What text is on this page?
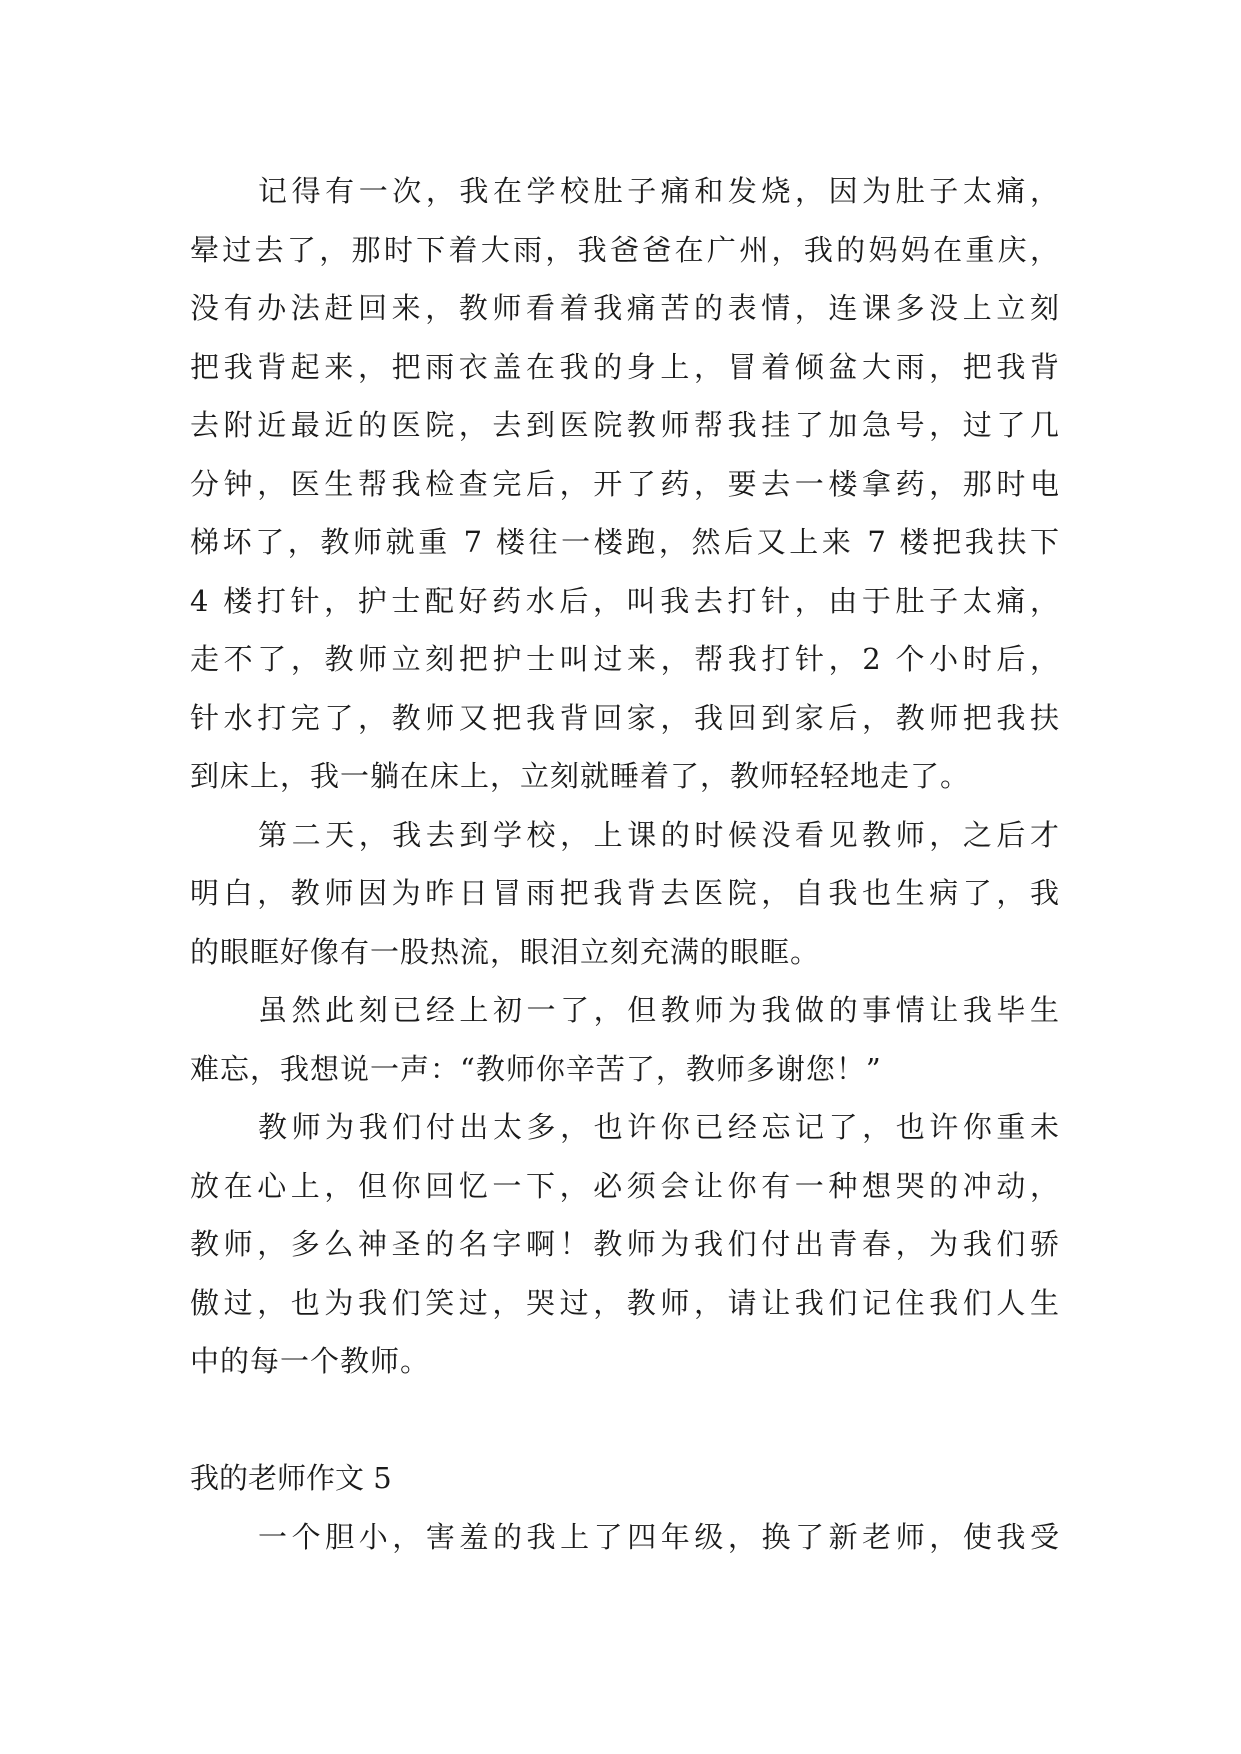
记得有一次，我在学校肚子痛和发烧，因为肚子太痛，
晕过去了，那时下着大雨，我爸爸在广州，我的妈妈在重庆，
没有办法赶回来，教师看着我痛苦的表情，连课多没上立刻
把我背起来，把雨衣盖在我的身上，冒着倾盆大雨，把我背
去附近最近的医院，去到医院教师帮我挂了加急号，过了几
分钟，医生帮我检查完后，开了药，要去一楼拿药，那时电
梯坏了，教师就重 7 楼往一楼跑，然后又上来 7 楼把我扶下
4 楼打针，护士配好药水后，叫我去打针，由于肚子太痛，
走不了，教师立刻把护士叫过来，帮我打针，2 个小时后，
针水打完了，教师又把我背回家，我回到家后，教师把我扶
到床上，我一躺在床上，立刻就睡着了，教师轻轻地走了。
第二天，我去到学校，上课的时候没看见教师，之后才
明白，教师因为昨日冒雨把我背去医院，自我也生病了，我
的眼眶好像有一股热流，眼泪立刻充满的眼眶。
虽然此刻已经上初一了，但教师为我做的事情让我毕生
难忘，我想说一声：“教师你辛苦了，教师多谢您！”
教师为我们付出太多，也许你已经忘记了，也许你重未
放在心上，但你回忆一下，必须会让你有一种想哭的冲动，
教师，多么神圣的名字啊！教师为我们付出青春，为我们骄
傲过，也为我们笑过，哭过，教师，请让我们记住我们人生
中的每一个教师。
我的老师作文 5
一个胆小，害羞的我上了四年级，换了新老师，使我受
